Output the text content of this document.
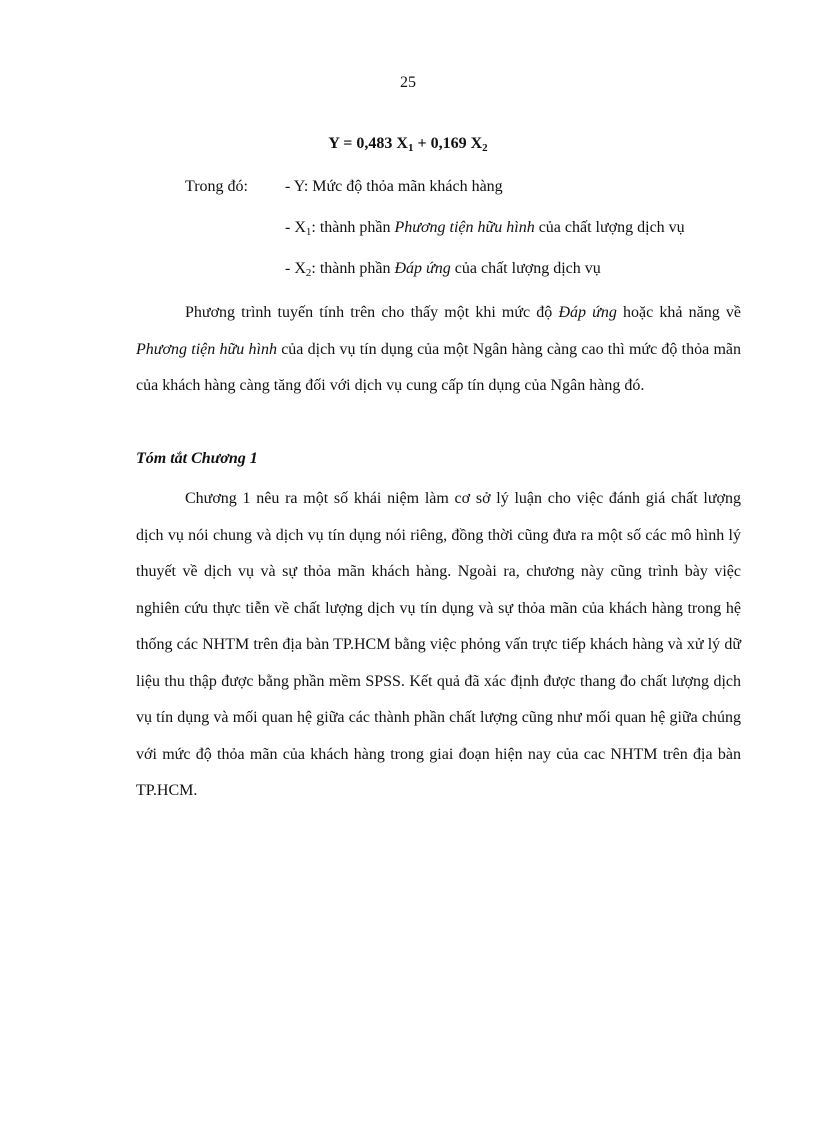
25
Y = 0,483 $X_1 + 0,169$ $X_2$
Trong đó: - Y: Mức độ thỏa mãn khách hàng
- $X_1$: thành phần Phương tiện hữu hình của chất lượng dịch vụ
- $X_2$: thành phần Đáp ứng của chất lượng dịch vụ

Phương trình tuyến tính trên cho thấy một khi mức độ Đáp ứng hoặc khả năng về Phương tiện hữu hình của dịch vụ tín dụng của một Ngân hàng càng cao thì mức độ thỏa mãn của khách hàng càng tăng đối với dịch vụ cung cấp tín dụng của Ngân hàng đó.

Tóm tắt Chương 1

Chương 1 nêu ra một số khái niệm làm cơ sở lý luận cho việc đánh giá chất lượng dịch vụ nói chung và dịch vụ tín dụng nói riêng, đồng thời cũng đưa ra một số các mô hình lý thuyết về dịch vụ và sự thỏa mãn khách hàng. Ngoài ra, chương này cũng trình bày việc nghiên cứu thực tiễn về chất lượng dịch vụ tín dụng và sự thỏa mãn của khách hàng trong hệ thống các NHTM trên địa bàn TP.HCM bằng việc phỏng vấn trực tiếp khách hàng và xử lý dữ liệu thu thập được bằng phần mềm SPSS. Kết quả đã xác định được thang đo chất lượng dịch vụ tín dụng và mối quan hệ giữa các thành phần chất lượng cũng như mối quan hệ giữa chúng với mức độ thỏa mãn của khách hàng trong giai đoạn hiện nay của cac NHTM trên địa bàn TP.HCM.
